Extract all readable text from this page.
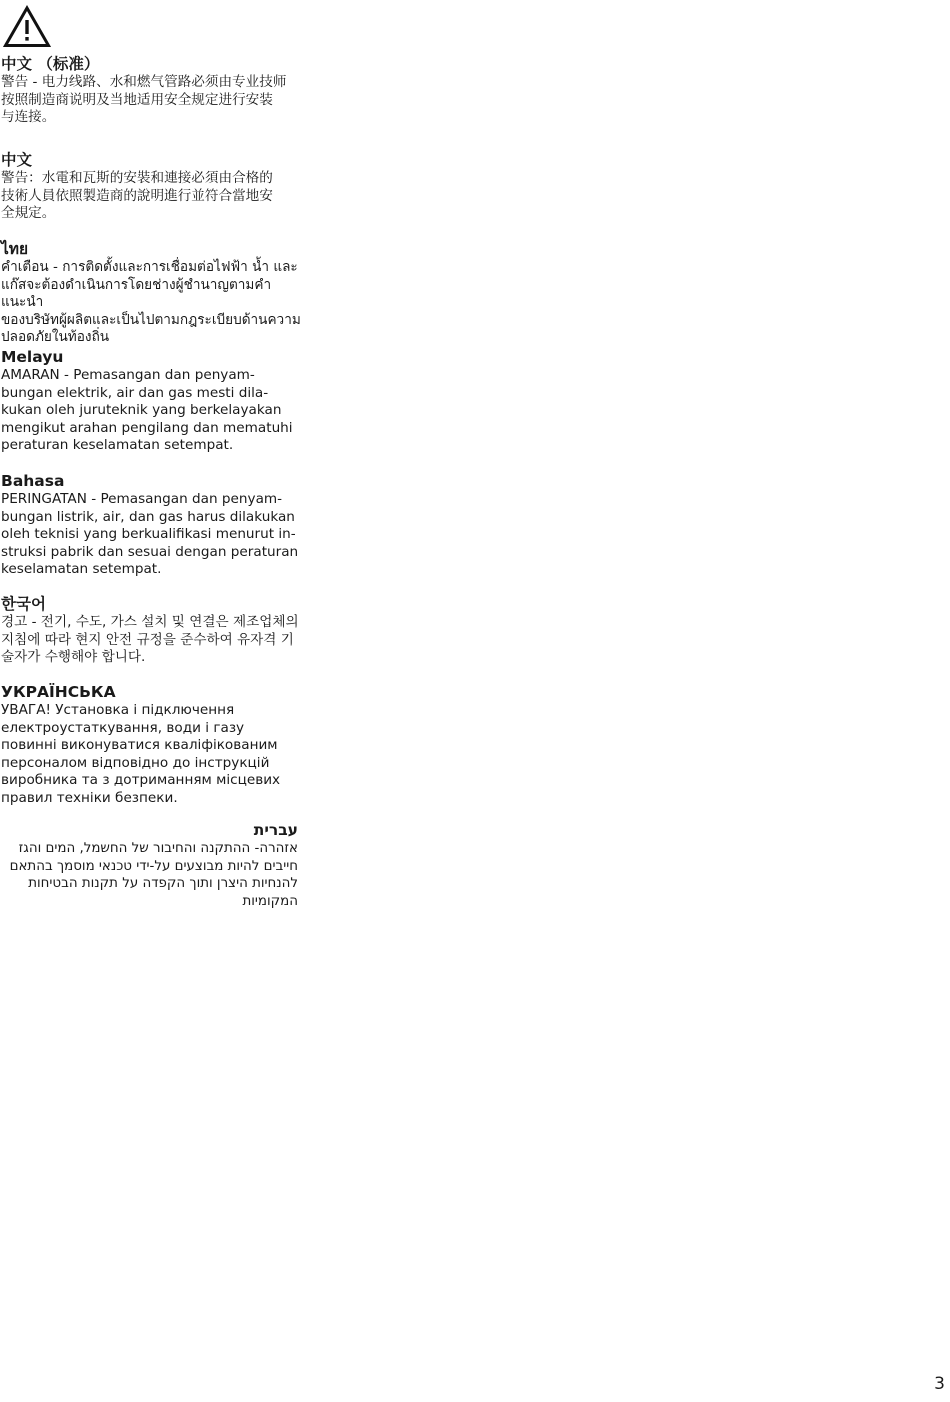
中文 （标准）

警告 - 电力线路、水和燃气管路必须由专业技师
按照制造商说明及当地适用安全规定进行安装
与连接。

中文

警告：水電和瓦斯的安裝和連接必須由合格的
技術人員依照製造商的說明進行並符合當地安
全規定。

ไทย

คำเตือน - การติดตั้งและการเชื่อมต่อไฟฟ้า น้ำ และ
แก๊สจะต้องดำเนินการโดยช่างผู้ชำนาญตามคำแนะนำ
ของบริษัทผู้ผลิตและเป็นไปตามกฎระเบียบด้านความ
ปลอดภัยในท้องถิ่น

Melayu

AMARAN - Pemasangan dan penyam-
bungan elektrik, air dan gas mesti dila-
kukan oleh juruteknik yang berkelayakan
mengikut arahan pengilang dan mematuhi
peraturan keselamatan setempat.

Bahasa

PERINGATAN - Pemasangan dan penyam-
bungan listrik, air, dan gas harus dilakukan
oleh teknisi yang berkualifikasi menurut in-
struksi pabrik dan sesuai dengan peraturan
keselamatan setempat.

한국어

경고 - 전기, 수도, 가스 설치 및 연결은 제조업체의
지침에 따라 현지 안전 규정을 준수하여 유자격 기
술자가 수행해야 합니다.

УКРАЇНСЬКА

УВАГА! Установка і підключення
електроустаткування, води і газу
повинні виконуватися кваліфікованим
персоналом відповідно до інструкцій
виробника та з дотриманням місцевих
правил техніки безпеки.

עברית

אזהרה- ההתקנה והחיבור של החשמל, המים והגז
חייבים להיות מבוצעים על-ידי טכנאי מוסמך בהתאם
להנחיות היצרן ותוך הקפדה על תקנות הבטיחות
המקומיות

3
